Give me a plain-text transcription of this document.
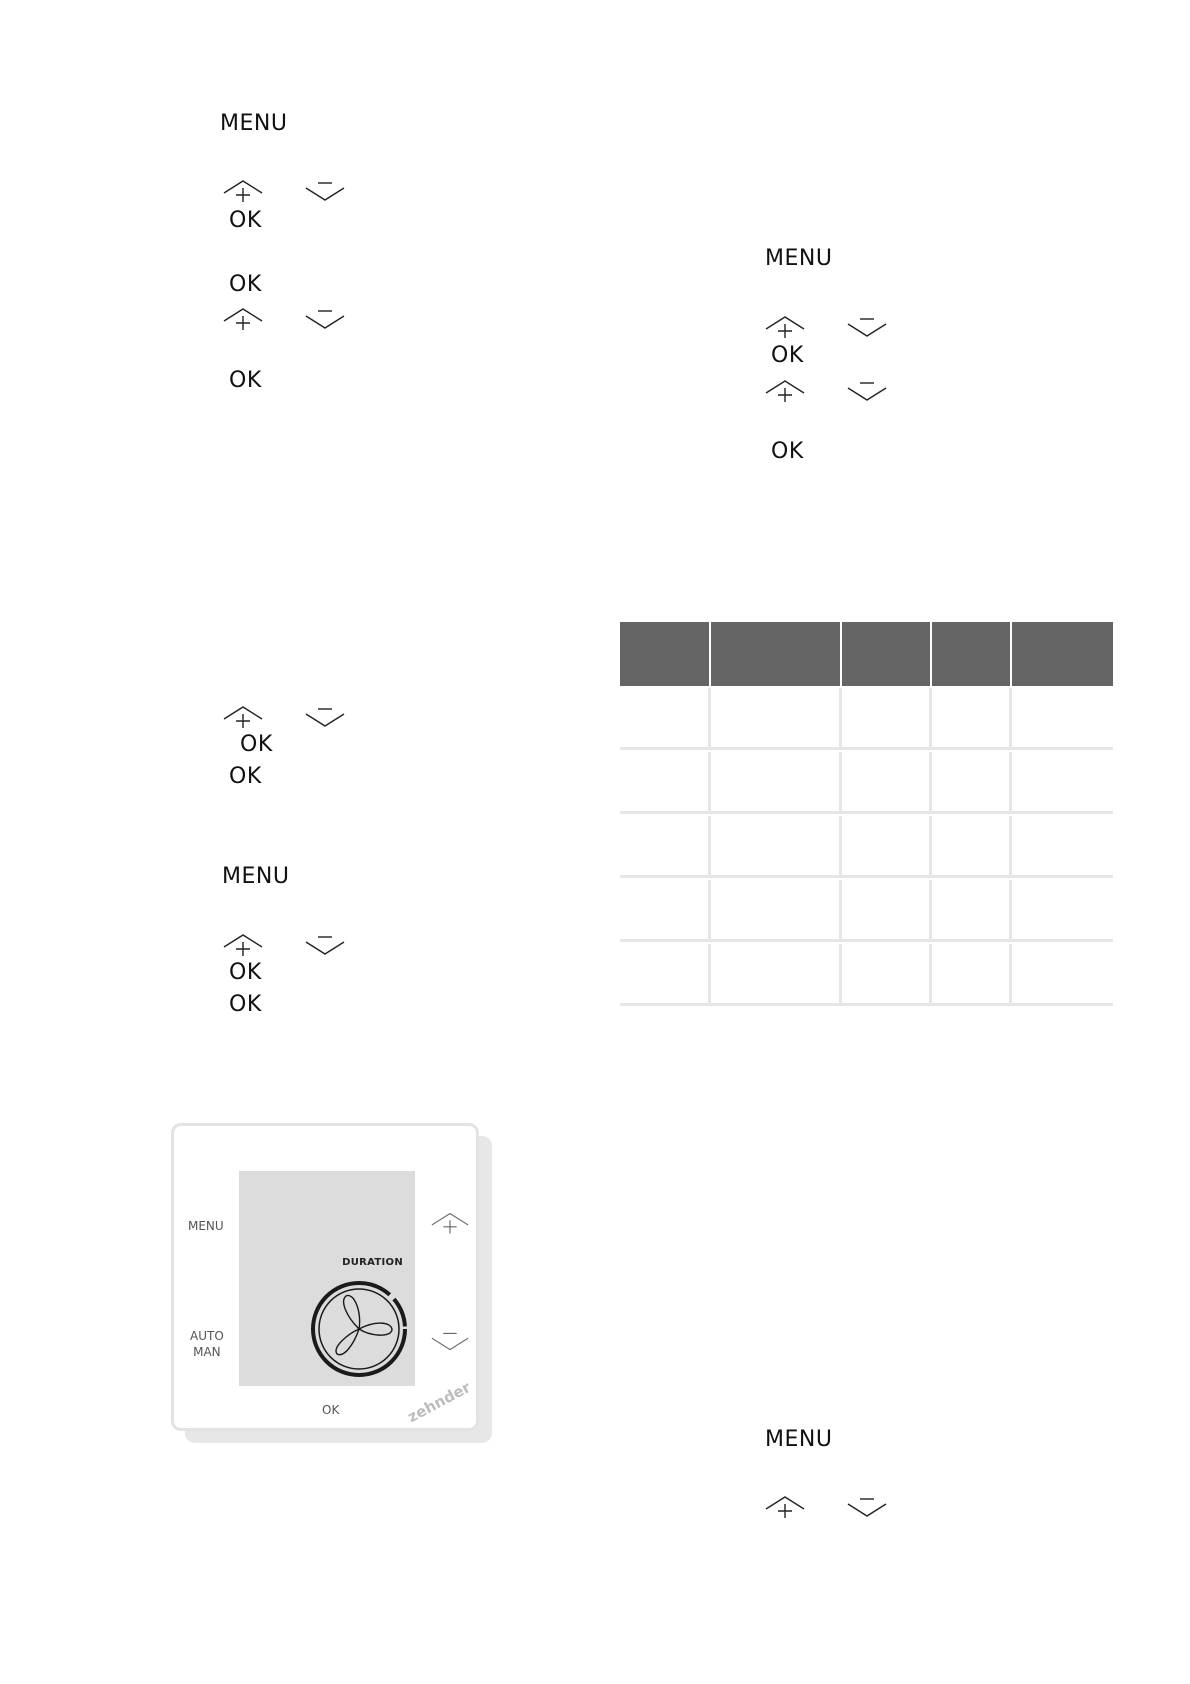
MENU
OK
OK
OK
OK
OK
MENU
OK
OK
MENU
OK
OK
MENU
MENU
AUTO
MAN
OK
DURATION
zehnder
